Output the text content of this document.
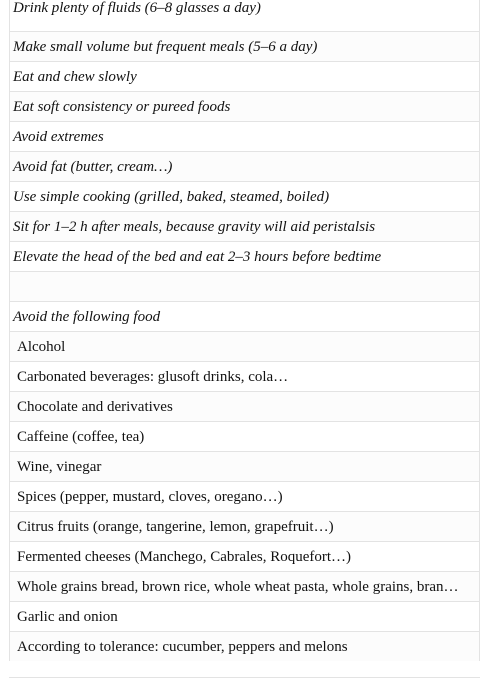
Drink plenty of fluids (6–8 glasses a day)
Make small volume but frequent meals (5–6 a day)
Eat and chew slowly
Eat soft consistency or pureed foods
Avoid extremes
Avoid fat (butter, cream…)
Use simple cooking (grilled, baked, steamed, boiled)
Sit for 1–2 h after meals, because gravity will aid peristalsis
Elevate the head of the bed and eat 2–3 hours before bedtime
Avoid the following food
Alcohol
Carbonated beverages: glusoft drinks, cola…
Chocolate and derivatives
Caffeine (coffee, tea)
Wine, vinegar
Spices (pepper, mustard, cloves, oregano…)
Citrus fruits (orange, tangerine, lemon, grapefruit…)
Fermented cheeses (Manchego, Cabrales, Roquefort…)
Whole grains bread, brown rice, whole wheat pasta, whole grains, bran…
Garlic and onion
According to tolerance: cucumber, peppers and melons
